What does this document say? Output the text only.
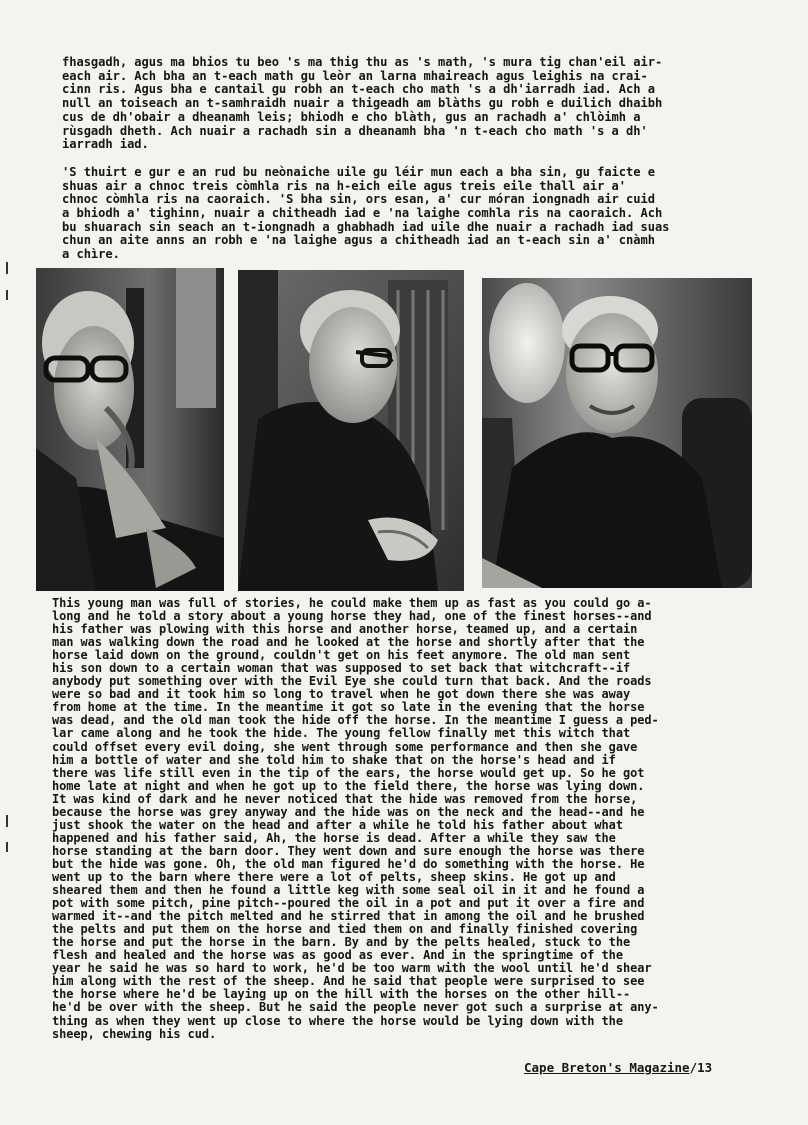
fhasgadh, agus ma bhios tu beo 's ma thig thu as 's math, 's mura tig chan'eil air-
each air. Ach bha an t-each math gu leòr an larna mhaireach agus leighis na crai-
cinn ris. Agus bha e cantail gu robh an t-each cho math 's a dh'iarradh iad. Ach a
null an toiseach an t-samhraidh nuair a thigeadh am blàths gu robh e duilich dhaibh
cus de dh'obair a dheanamh leis; bhiodh e cho blàth, gus an rachadh a' chlòimh a
rùsgadh dheth. Ach nuair a rachadh sin a dheanamh bha 'n t-each cho math 's a dh'
iarradh iad.
'S thuirt e gur e an rud bu neònaiche uile gu léir mun each a bha sin, gu faicte e
shuas air a chnoc treis còmhla ris na h-eich eile agus treis eile thall air a'
chnoc còmhla ris na caoraich. 'S bha sin, ors esan, a' cur móran iongnadh air cuid
a bhiodh a' tighinn, nuair a chitheadh iad e 'na laighe comhla ris na caoraich. Ach
bu shuarach sin seach an t-iongnadh a ghabhadh iad uile dhe nuair a rachadh iad suas
chun an aite anns an robh e 'na laighe agus a chitheadh iad an t-each sin a' cnàmh
a chìre.
This young man was full of stories, he could make them up as fast as you could go a-
long and he told a story about a young horse they had, one of the finest horses--and
his father was plowing with this horse and another horse, teamed up, and a certain
man was walking down the road and he looked at the horse and shortly after that the
horse laid down on the ground, couldn't get on his feet anymore. The old man sent
his son down to a certain woman that was supposed to set back that witchcraft--if
anybody put something over with the Evil Eye she could turn that back. And the roads
were so bad and it took him so long to travel when he got down there she was away
from home at the time. In the meantime it got so late in the evening that the horse
was dead, and the old man took the hide off the horse. In the meantime I guess a ped-
lar came along and he took the hide. The young fellow finally met this witch that
could offset every evil doing, she went through some performance and then she gave
him a bottle of water and she told him to shake that on the horse's head and if
there was life still even in the tip of the ears, the horse would get up. So he got
home late at night and when he got up to the field there, the horse was lying down.
It was kind of dark and he never noticed that the hide was removed from the horse,
because the horse was grey anyway and the hide was on the neck and the head--and he
just shook the water on the head and after a while he told his father about what
happened and his father said, Ah, the horse is dead. After a while they saw the
horse standing at the barn door. They went down and sure enough the horse was there
but the hide was gone. Oh, the old man figured he'd do something with the horse. He
went up to the barn where there were a lot of pelts, sheep skins. He got up and
sheared them and then he found a little keg with some seal oil in it and he found a
pot with some pitch, pine pitch--poured the oil in a pot and put it over a fire and
warmed it--and the pitch melted and he stirred that in among the oil and he brushed
the pelts and put them on the horse and tied them on and finally finished covering
the horse and put the horse in the barn. By and by the pelts healed, stuck to the
flesh and healed and the horse was as good as ever. And in the springtime of the
year he said he was so hard to work, he'd be too warm with the wool until he'd shear
him along with the rest of the sheep. And he said that people were surprised to see
the horse where he'd be laying up on the hill with the horses on the other hill--
he'd be over with the sheep. But he said the people never got such a surprise at any-
thing as when they went up close to where the horse would be lying down with the
sheep, chewing his cud.
Cape Breton's Magazine/13
